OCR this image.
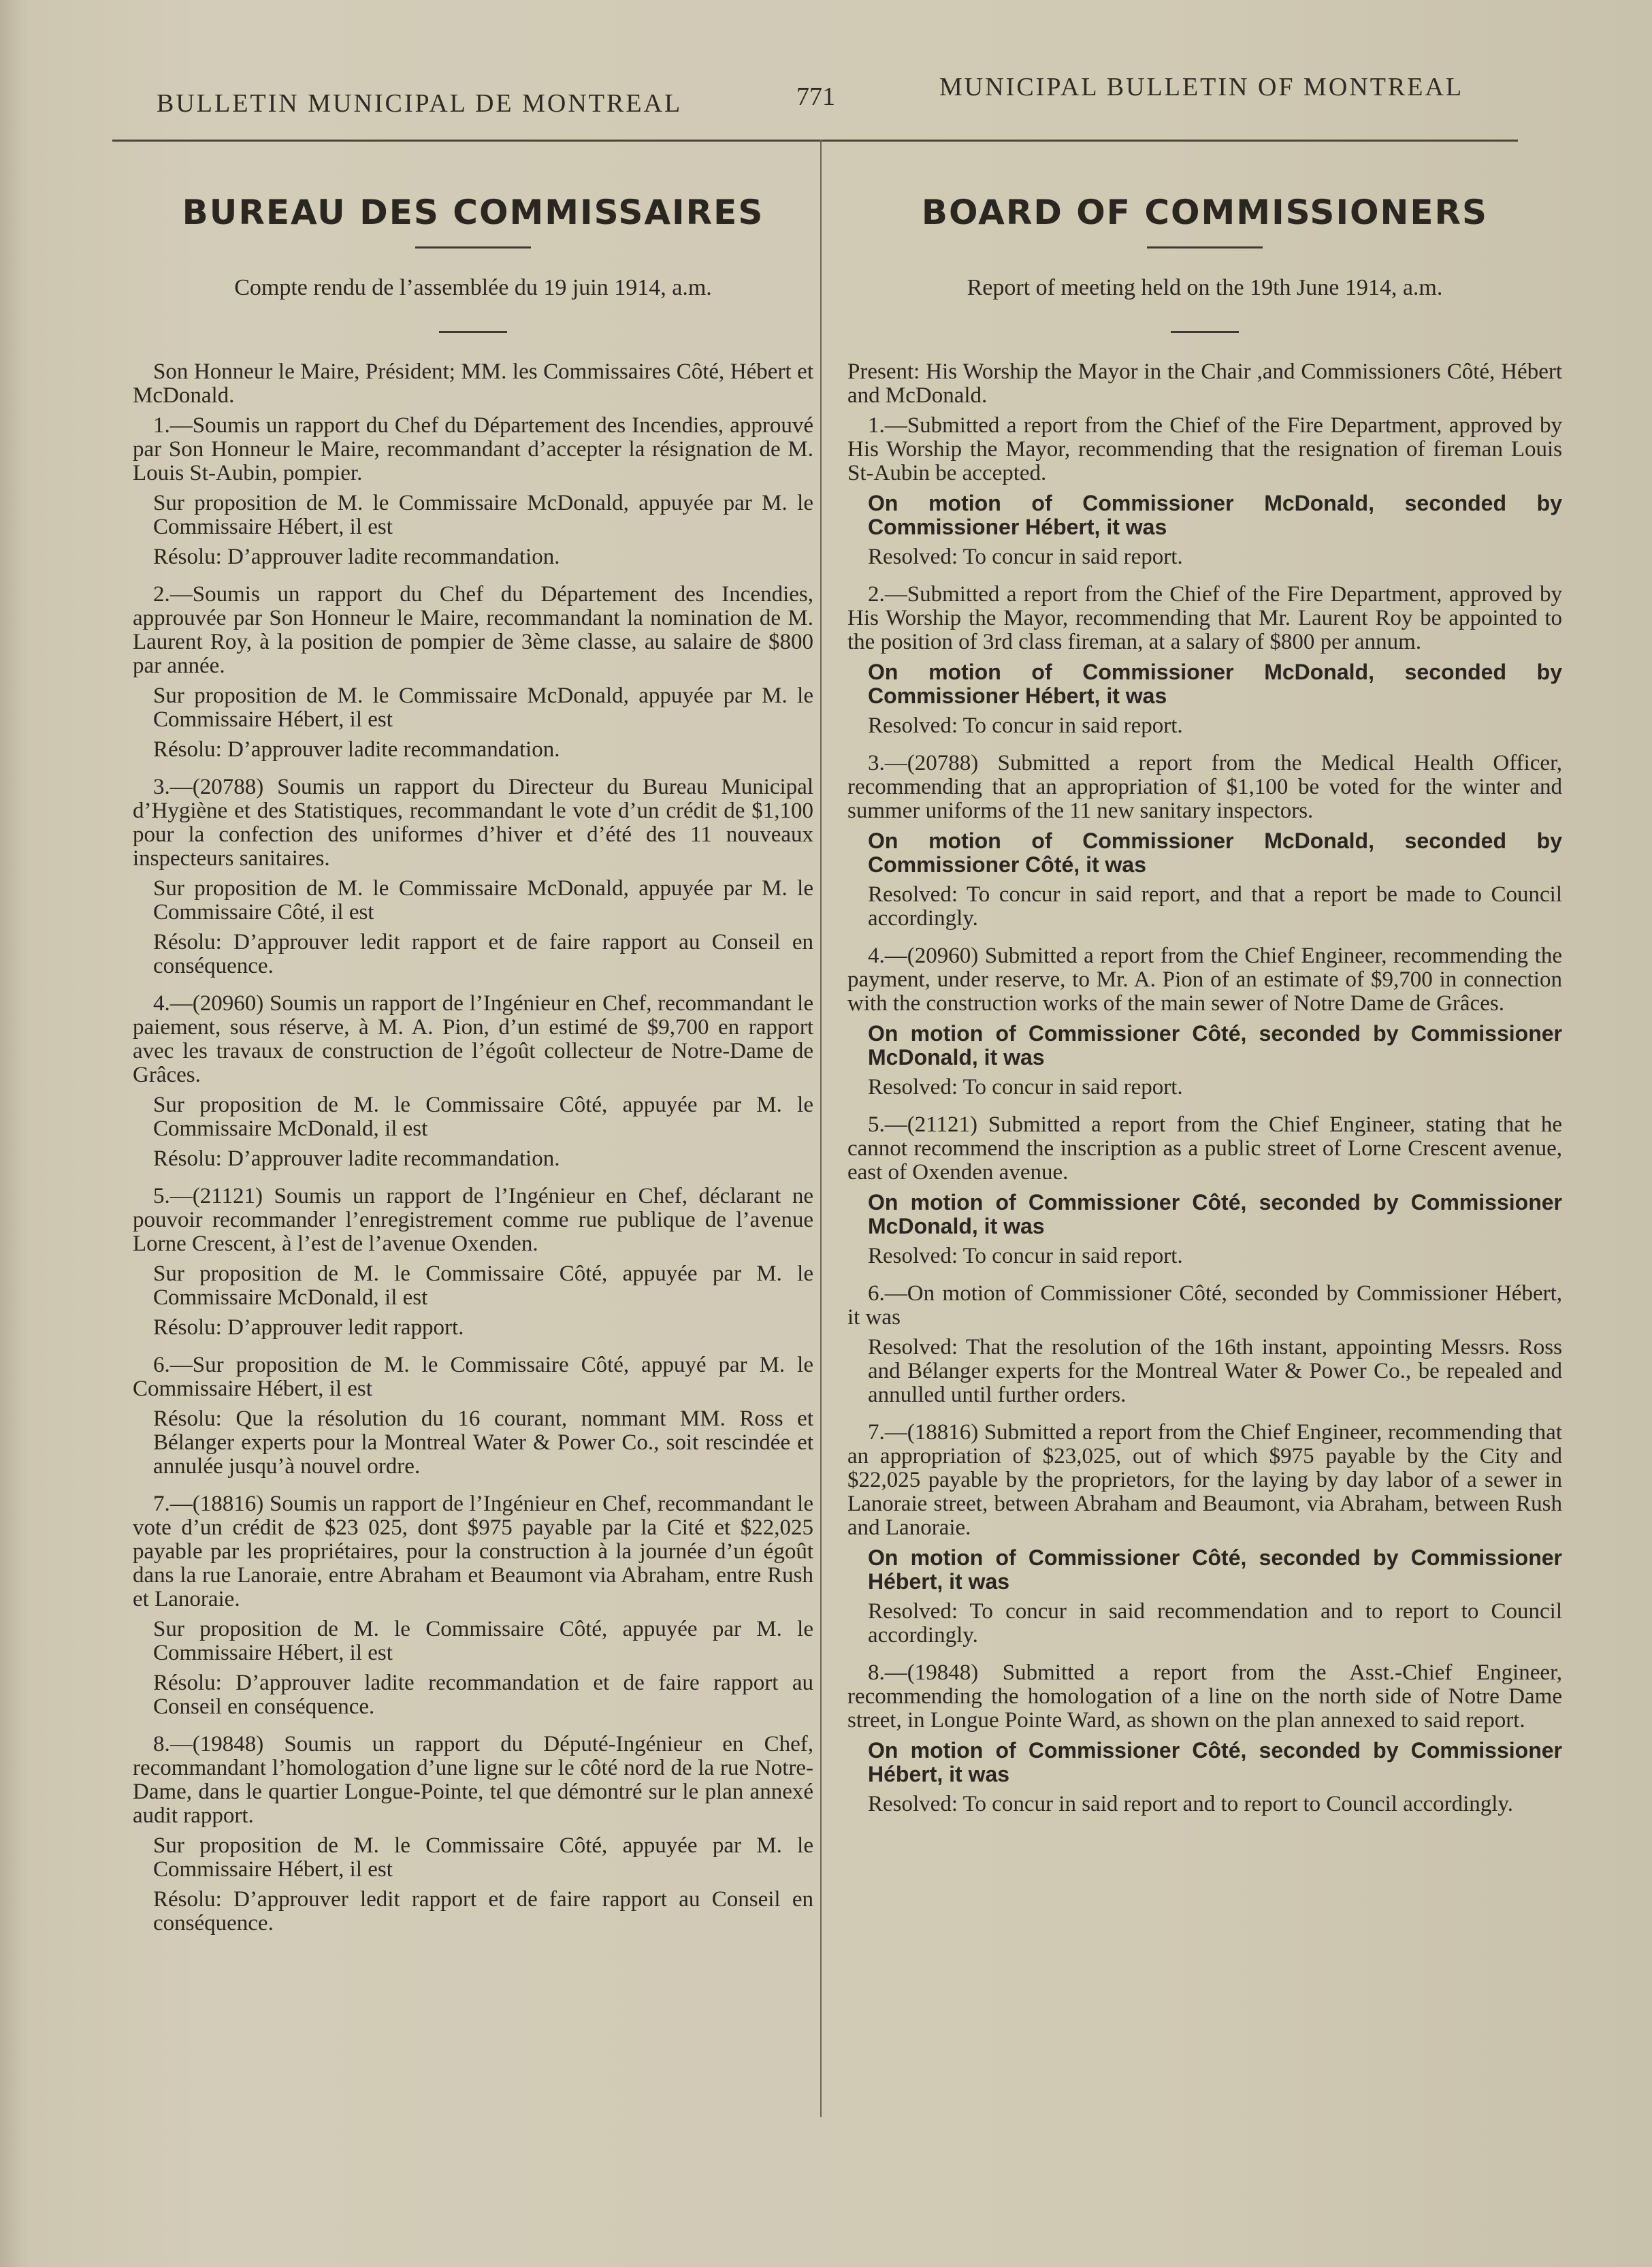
BULLETIN MUNICIPAL DE MONTREAL	771	MUNICIPAL BULLETIN OF MONTREAL
BUREAU DES COMMISSAIRES
Compte rendu de l’assemblée du 19 juin 1914, a.m.

Son Honneur le Maire, Président; MM. les Commissaires Côté, Hébert et McDonald.

1.—Soumis un rapport du Chef du Département des Incendies, approuvé par Son Honneur le Maire, recommandant d’accepter la résignation de M. Louis St-Aubin, pompier.

Sur proposition de M. le Commissaire McDonald, appuyée par M. le Commissaire Hébert, il est

Résolu: D’approuver ladite recommandation.

2.—Soumis un rapport du Chef du Département des Incendies, approuvée par Son Honneur le Maire, recommandant la nomination de M. Laurent Roy, à la position de pompier de 3ème classe, au salaire de $800 par année.

Sur proposition de M. le Commissaire McDonald, appuyée par M. le Commissaire Hébert, il est

Résolu: D’approuver ladite recommandation.

3.—(20788) Soumis un rapport du Directeur du Bureau Municipal d’Hygiène et des Statistiques, recommandant le vote d’un crédit de $1,100 pour la confection des uniformes d’hiver et d’été des 11 nouveaux inspecteurs sanitaires.

Sur proposition de M. le Commissaire McDonald, appuyée par M. le Commissaire Côté, il est

Résolu: D’approuver ledit rapport et de faire rapport au Conseil en conséquence.

4.—(20960) Soumis un rapport de l’Ingénieur en Chef, recommandant le paiement, sous réserve, à M. A. Pion, d’un estimé de $9,700 en rapport avec les travaux de construction de l’égoût collecteur de Notre-Dame de Grâces.

Sur proposition de M. le Commissaire Côté, appuyée par M. le Commissaire McDonald, il est

Résolu: D’approuver ladite recommandation.

5.—(21121) Soumis un rapport de l’Ingénieur en Chef, déclarant ne pouvoir recommander l’enregistrement comme rue publique de l’avenue Lorne Crescent, à l’est de l’avenue Oxenden.

Sur proposition de M. le Commissaire Côté, appuyée par M. le Commissaire McDonald, il est

Résolu: D’approuver ledit rapport.

6.—Sur proposition de M. le Commissaire Côté, appuyé par M. le Commissaire Hébert, il est

Résolu: Que la résolution du 16 courant, nommant MM. Ross et Bélanger experts pour la Montreal Water & Power Co., soit rescindée et annulée jusqu’à nouvel ordre.

7.—(18816) Soumis un rapport de l’Ingénieur en Chef, recommandant le vote d’un crédit de $23 025, dont $975 payable par la Cité et $22,025 payable par les propriétaires, pour la construction à la journée d’un égoût dans la rue Lanoraie, entre Abraham et Beaumont via Abraham, entre Rush et Lanoraie.

Sur proposition de M. le Commissaire Côté, appuyée par M. le Commissaire Hébert, il est

Résolu: D’approuver ladite recommandation et de faire rapport au Conseil en conséquence.

8.—(19848) Soumis un rapport du Député-Ingénieur en Chef, recommandant l’homologation d’une ligne sur le côté nord de la rue Notre-Dame, dans le quartier Longue-Pointe, tel que démontré sur le plan annexé audit rapport.

Sur proposition de M. le Commissaire Côté, appuyée par M. le Commissaire Hébert, il est

Résolu: D’approuver ledit rapport et de faire rapport au Conseil en conséquence.

BOARD OF COMMISSIONERS
Report of meeting held on the 19th June 1914, a.m.

Present: His Worship the Mayor in the Chair ,and Commissioners Côté, Hébert and McDonald.

1.—Submitted a report from the Chief of the Fire Department, approved by His Worship the Mayor, recommending that the resignation of fireman Louis St-Aubin be accepted.

On motion of Commissioner McDonald, seconded by Commissioner Hébert, it was

Resolved: To concur in said report.

2.—Submitted a report from the Chief of the Fire Department, approved by His Worship the Mayor, recommending that Mr. Laurent Roy be appointed to the position of 3rd class fireman, at a salary of $800 per annum.

On motion of Commissioner McDonald, seconded by Commissioner Hébert, it was

Resolved: To concur in said report.

3.—(20788) Submitted a report from the Medical Health Officer, recommending that an appropriation of $1,100 be voted for the winter and summer uniforms of the 11 new sanitary inspectors.

On motion of Commissioner McDonald, seconded by Commissioner Côté, it was

Resolved: To concur in said report, and that a report be made to Council accordingly.

4.—(20960) Submitted a report from the Chief Engineer, recommending the payment, under reserve, to Mr. A. Pion of an estimate of $9,700 in connection with the construction works of the main sewer of Notre Dame de Grâces.

On motion of Commissioner Côté, seconded by Commissioner McDonald, it was

Resolved: To concur in said report.

5.—(21121) Submitted a report from the Chief Engineer, stating that he cannot recommend the inscription as a public street of Lorne Crescent avenue, east of Oxenden avenue.

On motion of Commissioner Côté, seconded by Commissioner McDonald, it was

Resolved: To concur in said report.

6.—On motion of Commissioner Côté, seconded by Commissioner Hébert, it was

Resolved: That the resolution of the 16th instant, appointing Messrs. Ross and Bélanger experts for the Montreal Water & Power Co., be repealed and annulled until further orders.

7.—(18816) Submitted a report from the Chief Engineer, recommending that an appropriation of $23,025, out of which $975 payable by the City and $22,025 payable by the proprietors, for the laying by day labor of a sewer in Lanoraie street, between Abraham and Beaumont, via Abraham, between Rush and Lanoraie.

On motion of Commissioner Côté, seconded by Commissioner Hébert, it was

Resolved: To concur in said recommendation and to report to Council accordingly.

8.—(19848) Submitted a report from the Asst.-Chief Engineer, recommending the homologation of a line on the north side of Notre Dame street, in Longue Pointe Ward, as shown on the plan annexed to said report.

On motion of Commissioner Côté, seconded by Commissioner Hébert, it was

Resolved: To concur in said report and to report to Council accordingly.
